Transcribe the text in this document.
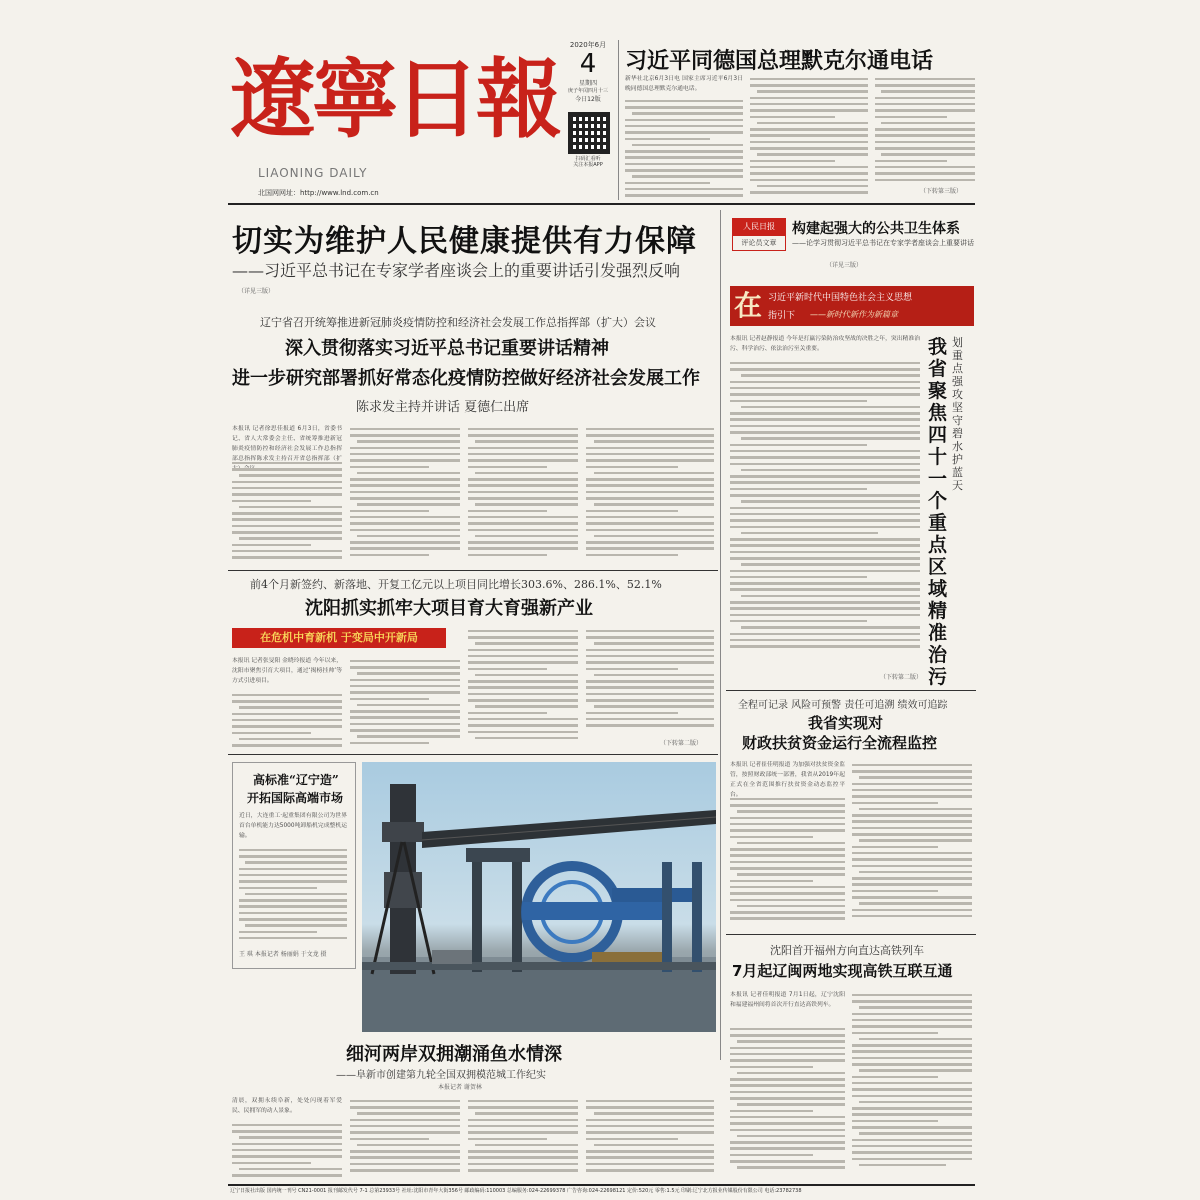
遼
寧
日
報
LIAONING DAILY
北国网网址：http://www.lnd.com.cn
2020年6月
4
星期四
庚子年闰四月十三
今日12版
扫码汇看听
关注本报APP
习近平同德国总理默克尔通电话
新华社北京6月3日电 国家主席习近平6月3日晚同德国总理默克尔通电话。
（下转第三版）
切实为维护人民健康提供有力保障
——习近平总书记在专家学者座谈会上的重要讲话引发强烈反响
（详见三版）
人民日报
评论员文章
构建起强大的公共卫生体系
——论学习贯彻习近平总书记在专家学者座谈会上重要讲话
（详见三版）
在 习近平新时代中国特色社会主义思想
指引下 ——新时代新作为新篇章
辽宁省召开统筹推进新冠肺炎疫情防控和经济社会发展工作总指挥部（扩大）会议
深入贯彻落实习近平总书记重要讲话精神
进一步研究部署抓好常态化疫情防控做好经济社会发展工作
陈求发主持并讲话 夏德仁出席
本报讯 记者徐思佳报道 6月3日，省委书记、省人大常委会主任、省统筹推进新冠肺炎疫情防控和经济社会发展工作总指挥部总指挥陈求发主持召开省总指挥部（扩
本报讯 记者赵静报道 今年是打赢污染防治攻坚战的决胜之年，突出精准治污、科学治污、依法治污至关重要。
（下转第二版）
划重点强攻坚 守碧水护蓝天
我省聚焦四十一个重点区域精准治污
前4个月新签约、新落地、开复工亿元以上项目同比增长303.6%、286.1%、52.1%
沈阳抓实抓牢大项目育大育强新产业
在危机中育新机 于变局中开新局
本报讯 记者张旻阳 金晓玲报道 今年以来，沈阳市聚焦引育大项目，通过‘揭榜挂帅’等方式引进项目。
（下转第二版）
全程可记录 风险可预警 责任可追溯 绩效可追踪
我省实现对
财政扶贫资金运行全流程监控
本报讯 记者崔佳明报道 为加强对扶贫资金监管，按照财政部统一部署，我省从2019年起正式在全省范围推行扶贫资金动态监控平台。
高标准“辽宁造”
开拓国际高端市场
近日，大连重工·起重集团有限公司为世界首台单机能力达5000吨卸船机完成整机运输。
王 琪 本报记者 杨丽娟 于文龙 摄
细河两岸双拥潮涌鱼水情深
——阜新市创建第九轮全国双拥模范城工作纪实
本报记者 谢贺林
清晨，双拥永续阜新，处处闪现着军爱民、民拥军的动人景象。
沈阳首开福州方向直达高铁列车
7月起辽闽两地实现高铁互联互通
本报讯 记者佳明报道 7月1日起，辽宁沈阳和福建福州间将首次开行直达高铁列车。
辽宁日报社出版 国内统一刊号 CN21-0001 报刊邮发代号 7-1 总第23933号 社址:沈阳市青年大街356号 邮政编码:110003 总编服务:024-22699378 广告咨询:024-22698121 定价:520元 零售:1.5元 印刷:辽宁北方报业传媒股份有限公司 电话:23782738
